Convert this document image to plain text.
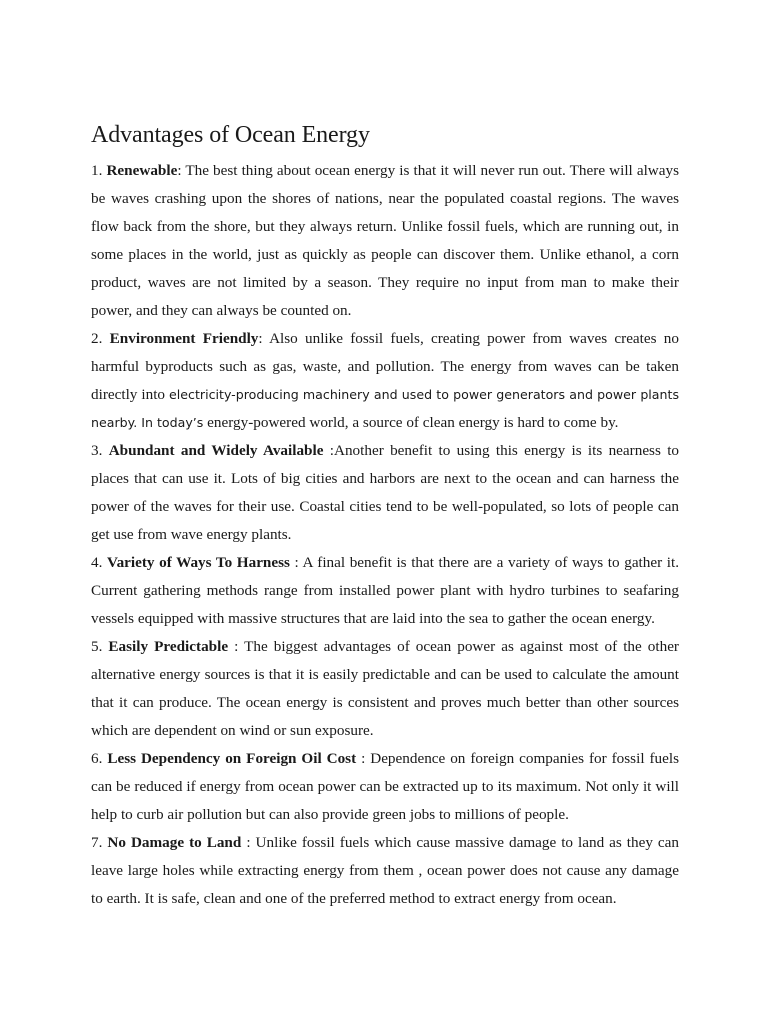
Advantages of Ocean Energy

1. Renewable: The best thing about ocean energy is that it will never run out. There will always be waves crashing upon the shores of nations, near the populated coastal regions. The waves flow back from the shore, but they always return. Unlike fossil fuels, which are running out, in some places in the world, just as quickly as people can discover them. Unlike ethanol, a corn product, waves are not limited by a season. They require no input from man to make their power, and they can always be counted on.

2. Environment Friendly: Also unlike fossil fuels, creating power from waves creates no harmful byproducts such as gas, waste, and pollution. The energy from waves can be taken directly into electricity-producing machinery and used to power generators and power plants nearby. In today’s energy-powered world, a source of clean energy is hard to come by.

3. Abundant and Widely Available :Another benefit to using this energy is its nearness to places that can use it. Lots of big cities and harbors are next to the ocean and can harness the power of the waves for their use. Coastal cities tend to be well-populated, so lots of people can get use from wave energy plants.

4. Variety of Ways To Harness : A final benefit is that there are a variety of ways to gather it. Current gathering methods range from installed power plant with hydro turbines to seafaring vessels equipped with massive structures that are laid into the sea to gather the ocean energy.

5. Easily Predictable : The biggest advantages of ocean power as against most of the other alternative energy sources is that it is easily predictable and can be used to calculate the amount that it can produce. The ocean energy is consistent and proves much better than other sources which are dependent on wind or sun exposure.

6. Less Dependency on Foreign Oil Cost : Dependence on foreign companies for fossil fuels can be reduced if energy from ocean power can be extracted up to its maximum. Not only it will help to curb air pollution but can also provide green jobs to millions of people.

7. No Damage to Land : Unlike fossil fuels which cause massive damage to land as they can leave large holes while extracting energy from them , ocean power does not cause any damage to earth. It is safe, clean and one of the preferred method to extract energy from ocean.
